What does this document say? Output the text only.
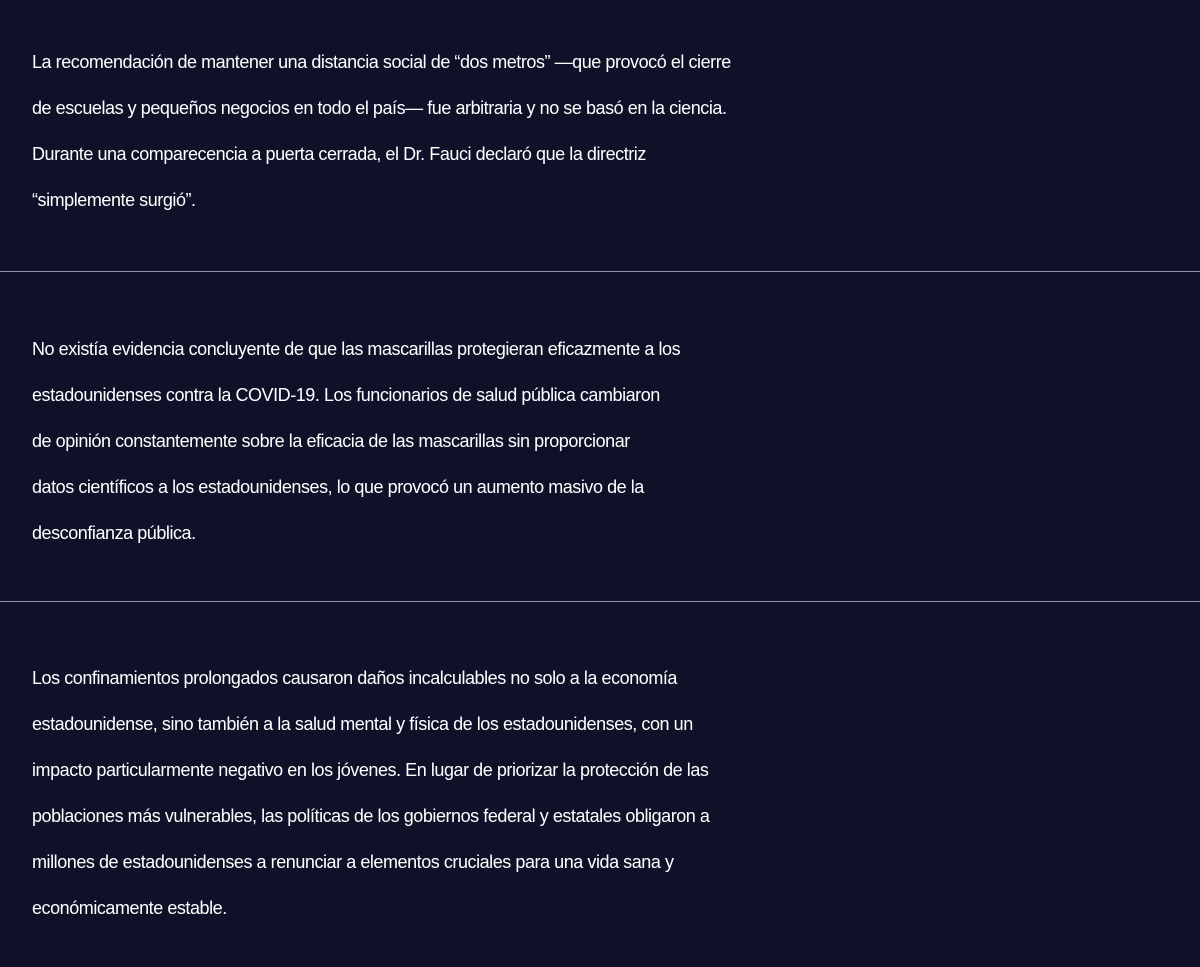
La recomendación de mantener una distancia social de “dos metros” —que provocó el cierre

de escuelas y pequeños negocios en todo el país— fue arbitraria y no se basó en la ciencia.

Durante una comparecencia a puerta cerrada, el Dr. Fauci declaró que la directriz

“simplemente surgió”.

No existía evidencia concluyente de que las mascarillas protegieran eficazmente a los

estadounidenses contra la COVID-19. Los funcionarios de salud pública cambiaron

de opinión constantemente sobre la eficacia de las mascarillas sin proporcionar

datos científicos a los estadounidenses, lo que provocó un aumento masivo de la

desconfianza pública.

Los confinamientos prolongados causaron daños incalculables no solo a la economía

estadounidense, sino también a la salud mental y física de los estadounidenses, con un

impacto particularmente negativo en los jóvenes. En lugar de priorizar la protección de las

poblaciones más vulnerables, las políticas de los gobiernos federal y estatales obligaron a

millones de estadounidenses a renunciar a elementos cruciales para una vida sana y

económicamente estable.
